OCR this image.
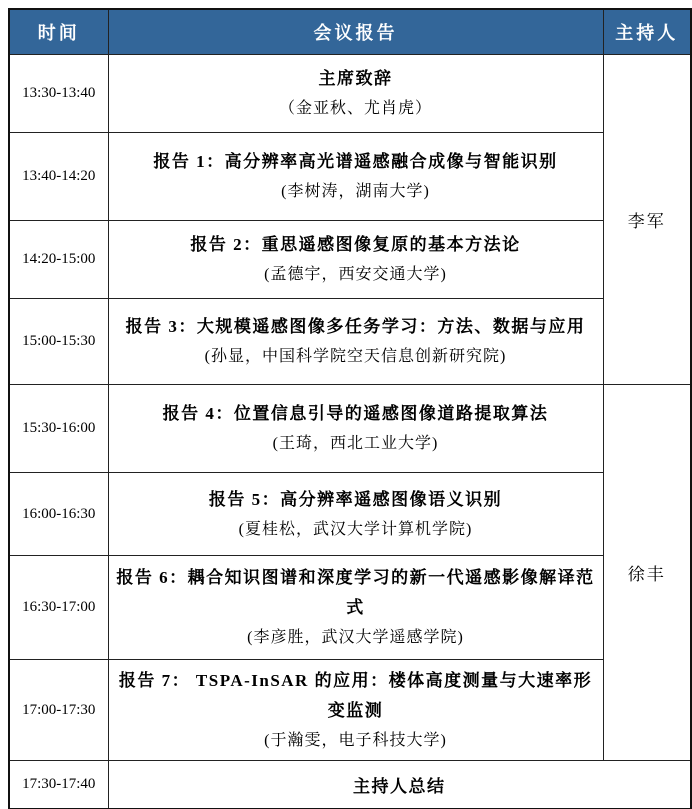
时间	会议报告	主持人
13:30-13:40	主席致辞
（金亚秋、尤肖虎）	李军
13:40-14:20	报告 1：高分辨率高光谱遥感融合成像与智能识别
(李树涛，湖南大学)	

14:20-15:00	报告 2：重思遥感图像复原的基本方法论
(孟德宇，西安交通大学)	

15:00-15:30	报告 3：大规模遥感图像多任务学习：方法、数据与应用
(孙显，中国科学院空天信息创新研究院)	

15:30-16:00	报告 4：位置信息引导的遥感图像道路提取算法
(王琦，西北工业大学)	徐丰
16:00-16:30	报告 5：高分辨率遥感图像语义识别
(夏桂松，武汉大学计算机学院)	

16:30-17:00	报告 6：耦合知识图谱和深度学习的新一代遥感影像解译范式
(李彦胜，武汉大学遥感学院)	

17:00-17:30	报告 7： TSPA-InSAR 的应用：楼体高度测量与大速率形变监测
(于瀚雯，电子科技大学)	

17:30-17:40	主持人总结	
